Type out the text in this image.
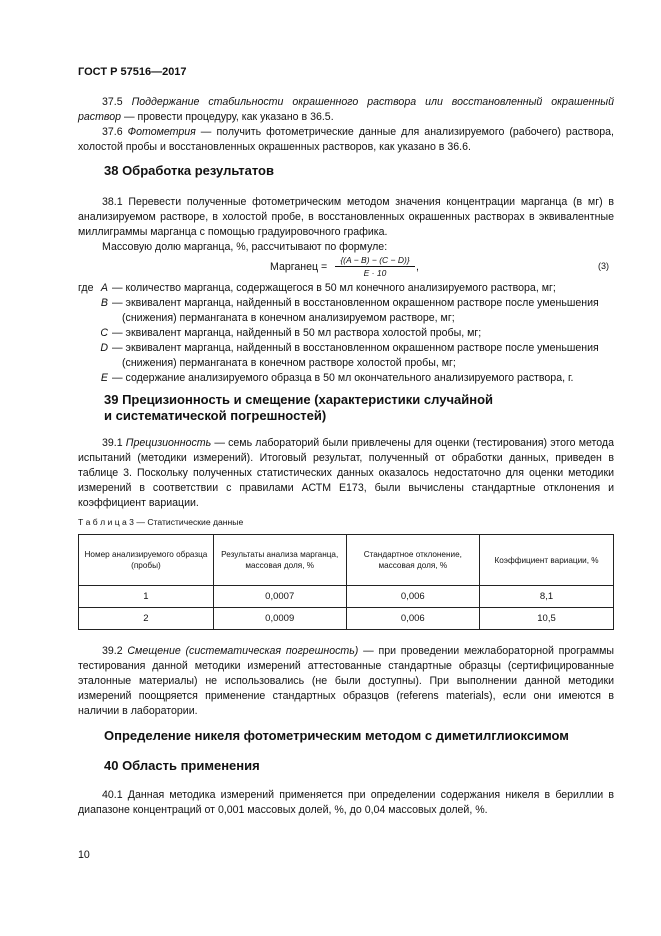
ГОСТ Р 57516—2017

37.5 Поддержание стабильности окрашенного раствора или восстановленный окрашенный раствор — провести процедуру, как указано в 36.5.

37.6 Фотометрия — получить фотометрические данные для анализируемого (рабочего) раствора, холостой пробы и восстановленных окрашенных растворов, как указано в 36.6.

38 Обработка результатов

38.1 Перевести полученные фотометрическим методом значения концентрации марганца (в мг) в анализируемом растворе, в холостой пробе, в восстановленных окрашенных растворах в эквивалентные миллиграммы марганца с помощью градуировочного графика.

Массовую долю марганца, %, рассчитывают по формуле:

Марганец =
{(A − B) − (C − D)}
E · 10	,	(3)
где A — количество марганца, содержащегося в 50 мл конечного анализируемого раствора, мг;
B — эквивалент марганца, найденный в восстановленном окрашенном растворе после уменьшения
(снижения) перманганата в конечном анализируемом растворе, мг;
C — эквивалент марганца, найденный в 50 мл раствора холостой пробы, мг;
D — эквивалент марганца, найденный в восстановленном окрашенном растворе после уменьшения
(снижения) перманганата в конечном растворе холостой пробы, мг;
E — содержание анализируемого образца в 50 мл окончательного анализируемого раствора, г.
39 Прецизионность и смещение (характеристики случайной
и систематической погрешностей)

39.1 Прецизионность — семь лабораторий были привлечены для оценки (тестирования) этого метода испытаний (методики измерений). Итоговый результат, полученный от обработки данных, приведен в таблице 3. Поскольку полученных статистических данных оказалось недостаточно для оценки методики измерений в соответствии с правилами АСТМ Е173, были вычислены стандартные отклонения и коэффициент вариации.

Т а б л и ц а 3 — Статистические данные
Номер анализируемого образца (пробы)	Результаты анализа марганца, массовая доля, %	Стандартное отклонение, массовая доля, %	Коэффициент вариации, %
1	0,0007	0,006	8,1
2	0,0009	0,006	10,5

39.2 Смещение (систематическая погрешность) — при проведении межлабораторной программы тестирования данной методики измерений аттестованные стандартные образцы (сертифицированные эталонные материалы) не использовались (не были доступны). При выполнении данной методики измерений поощряется применение стандартных образцов (referens materials), если они имеются в наличии в лаборатории.

Определение никеля фотометрическим методом с диметилглиоксимом
40 Область применения

40.1 Данная методика измерений применяется при определении содержания никеля в бериллии в диапазоне концентраций от 0,001 массовых долей, %, до 0,04 массовых долей, %.

10
